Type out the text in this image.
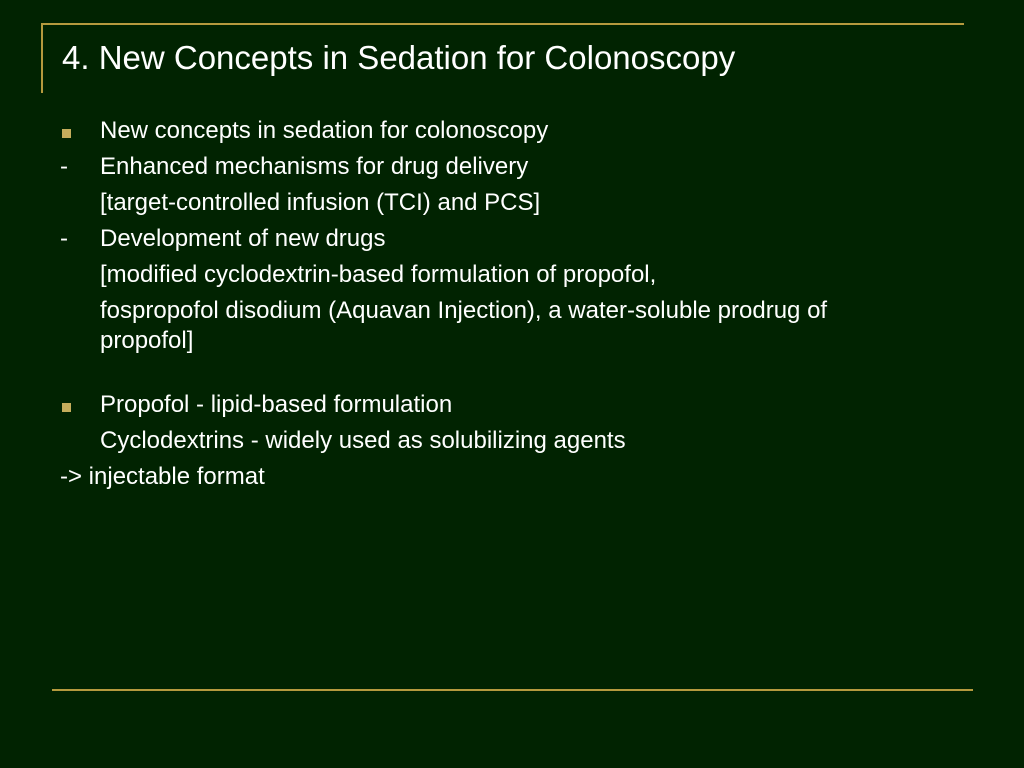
4. New Concepts in Sedation for Colonoscopy
New concepts in sedation for colonoscopy
- Enhanced mechanisms for drug delivery
[target-controlled infusion (TCI) and PCS]
- Development of new drugs
[modified cyclodextrin-based formulation of propofol,
fospropofol disodium (Aquavan Injection), a water-soluble prodrug of propofol]
Propofol - lipid-based formulation
Cyclodextrins - widely used as solubilizing agents
-> injectable format
